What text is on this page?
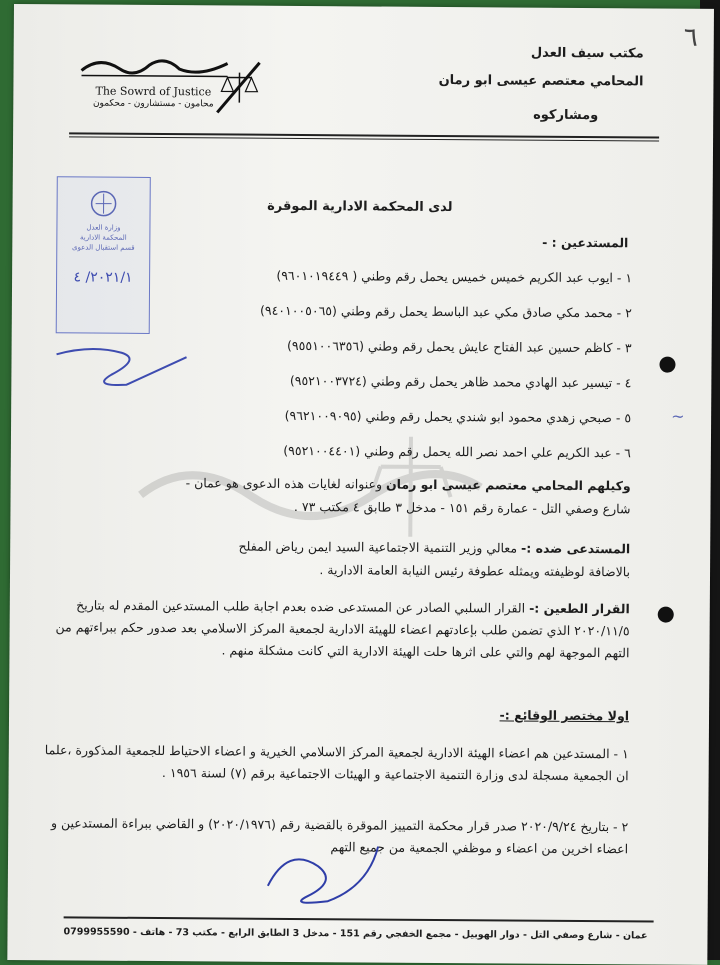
The Sowrd of Justice
محامون - مستشارون - محكمون
مكتب سيف العدل
المحامي معتصم عيسى ابو رمان
ومشاركوه
٦
وزارة العدل
المحكمة الادارية
قسم استقبال الدعوى
٢٠٢١/١/ ٤
لدى المحكمة الادارية الموقرة
المستدعين : -
١ - ايوب عبد الكريم خميس خميس يحمل رقم وطني ( ٩٦٠١٠١٩٤٤٩)
٢ - محمد مكي صادق مكي عبد الباسط يحمل رقم وطني (٩٤٠١٠٠٥٠٦٥)
٣ - كاظم حسين عبد الفتاح عايش يحمل رقم وطني (٩٥٥١٠٠٦٣٥٦)
٤ - تيسير عبد الهادي محمد ظاهر يحمل رقم وطني (٩٥٢١٠٠٣٧٢٤)
٥ - صبحي زهدي محمود ابو شندي يحمل رقم وطني (٩٦٢١٠٠٩٠٩٥)
٦ - عبد الكريم علي احمد نصر الله يحمل رقم وطني (٩٥٢١٠٠٤٤٠١)
وكيلهم المحامي معتصم عيسى ابو رمان وعنوانه لغايات هذه الدعوى هو عمان -
شارع وصفي التل - عمارة رقم ١٥١ - مدخل ٣ طابق ٤ مكتب ٧٣ .
المستدعى ضده :- معالي وزير التنمية الاجتماعية السيد ايمن رياض المفلح
بالاضافة لوظيفته ويمثله عطوفة رئيس النيابة العامة الادارية .
القرار الطعين :- القرار السلبي الصادر عن المستدعى ضده بعدم اجابة طلب المستدعين المقدم له بتاريخ ٢٠٢٠/١١/٥ الذي تضمن طلب بإعادتهم اعضاء للهيئة الادارية لجمعية المركز الاسلامي بعد صدور حكم ببراءتهم من التهم الموجهة لهم والتي على اثرها حلت الهيئة الادارية التي كانت مشكلة منهم .
اولا مختصر الوقائع :-
١ - المستدعين هم اعضاء الهيئة الادارية لجمعية المركز الاسلامي الخيرية و اعضاء الاحتياط للجمعية المذكورة ،علما ان الجمعية مسجلة لدى وزارة التنمية الاجتماعية و الهيئات الاجتماعية برقم (٧) لسنة ١٩٥٦ .
٢ - بتاريخ ٢٠٢٠/٩/٢٤ صدر قرار محكمة التمييز الموقرة بالقضية رقم (٢٠٢٠/١٩٧٦) و القاضي ببراءة المستدعين و اعضاء اخرين من اعضاء و موظفي الجمعية من جميع التهم
عمان - شارع وصفي التل - دوار الهوبيل - مجمع الخفجي رقم 151 - مدخل 3 الطابق الرابع - مكتب 73 - هاتف - 0799955590
~
